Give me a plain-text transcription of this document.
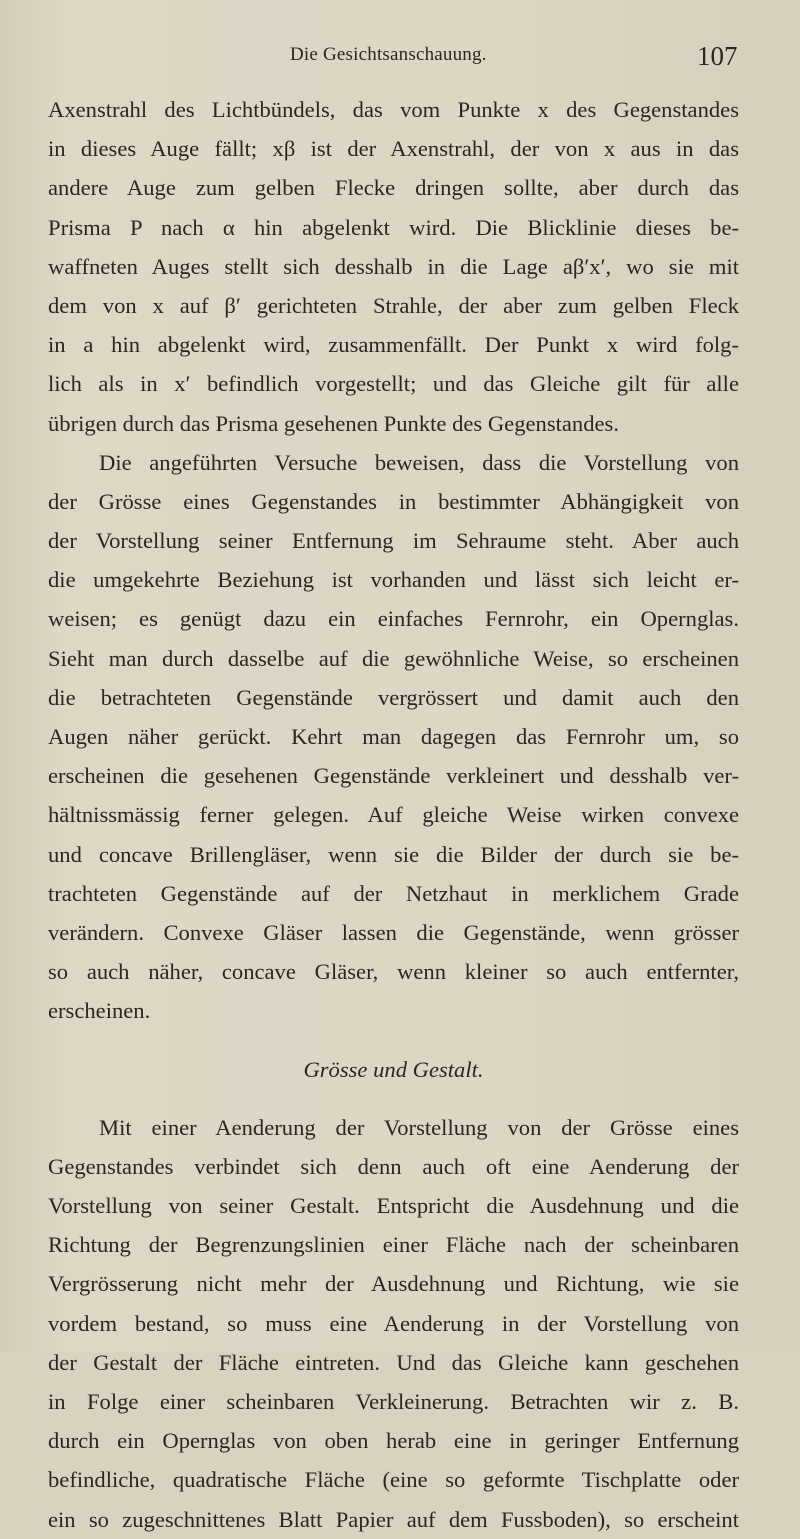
Die Gesichtsanschauung.	107
Axenstrahl des Lichtbündels, das vom Punkte x des Gegenstandes
in dieses Auge fällt; xβ ist der Axenstrahl, der von x aus in das
andere Auge zum gelben Flecke dringen sollte, aber durch das
Prisma P nach α hin abgelenkt wird. Die Blicklinie dieses be-
waffneten Auges stellt sich desshalb in die Lage aβ′x′, wo sie mit
dem von x auf β′ gerichteten Strahle, der aber zum gelben Fleck
in a hin abgelenkt wird, zusammenfällt. Der Punkt x wird folg-
lich als in x′ befindlich vorgestellt; und das Gleiche gilt für alle
übrigen durch das Prisma gesehenen Punkte des Gegenstandes.
Die angeführten Versuche beweisen, dass die Vorstellung von
der Grösse eines Gegenstandes in bestimmter Abhängigkeit von
der Vorstellung seiner Entfernung im Sehraume steht. Aber auch
die umgekehrte Beziehung ist vorhanden und lässt sich leicht er-
weisen; es genügt dazu ein einfaches Fernrohr, ein Opernglas.
Sieht man durch dasselbe auf die gewöhnliche Weise, so erscheinen
die betrachteten Gegenstände vergrössert und damit auch den
Augen näher gerückt. Kehrt man dagegen das Fernrohr um, so
erscheinen die gesehenen Gegenstände verkleinert und desshalb ver-
hältnissmässig ferner gelegen. Auf gleiche Weise wirken convexe
und concave Brillengläser, wenn sie die Bilder der durch sie be-
trachteten Gegenstände auf der Netzhaut in merklichem Grade
verändern. Convexe Gläser lassen die Gegenstände, wenn grösser
so auch näher, concave Gläser, wenn kleiner so auch entfernter,
erscheinen.
Grösse und Gestalt.
Mit einer Aenderung der Vorstellung von der Grösse eines
Gegenstandes verbindet sich denn auch oft eine Aenderung der
Vorstellung von seiner Gestalt. Entspricht die Ausdehnung und die
Richtung der Begrenzungslinien einer Fläche nach der scheinbaren
Vergrösserung nicht mehr der Ausdehnung und Richtung, wie sie
vordem bestand, so muss eine Aenderung in der Vorstellung von
der Gestalt der Fläche eintreten. Und das Gleiche kann geschehen
in Folge einer scheinbaren Verkleinerung. Betrachten wir z. B.
durch ein Opernglas von oben herab eine in geringer Entfernung
befindliche, quadratische Fläche (eine so geformte Tischplatte oder
ein so zugeschnittenes Blatt Papier auf dem Fussboden), so erscheint
